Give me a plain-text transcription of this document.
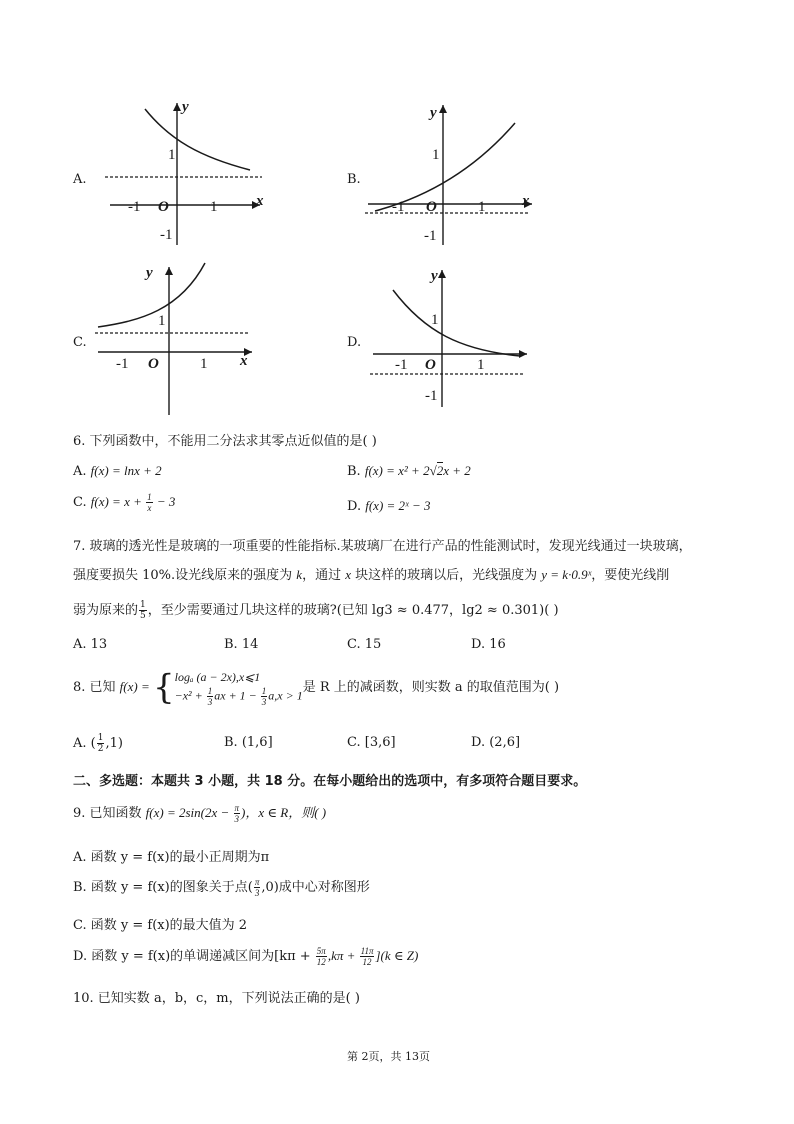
A.
y
x
O
-1	1
1
-1
B.
y
x
O
-1	1
1
-1
C.
y
x
O
-1	1
1
D.
y
O
-1	1
1
-1
6. 下列函数中，不能用二分法求其零点近似值的是( )
A. f(x) = lnx + 2	B. f(x) = x² + 2√2x + 2
C. $f(x) = x + \frac{1}{x} - 3$	D. f(x) = 2ˣ − 3
7. 玻璃的透光性是玻璃的一项重要的性能指标.某玻璃厂在进行产品的性能测试时，发现光线通过一块玻璃，
强度要损失 10%.设光线原来的强度为 k，通过 x 块这样的玻璃以后，光线强度为 y = k·0.9ˣ，要使光线削
弱为原来的 $\frac{1}{5}$ ，至少需要通过几块这样的玻璃?(已知 lg3 ≈ 0.477，lg2 ≈ 0.301)( )
A. 13	B. 14	C. 15	D. 16
8. 已知 f(x) = { logₐ (a − 2x),x⩽1
$-x^2 + \frac{1}{3}$ ax + $1 - \frac{1}{3} a,x > 1$
是 R 上的减函数，则实数 a 的取值范围为( )
A. ( $\frac{1}{2} ,1$)	B. (1,6]	C. [3,6]	D. (2,6]
二、多选题：本题共 3 小题，共 18 分。在每小题给出的选项中，有多项符合题目要求。
9. 已知函数 $f(x) = 2\sin(2x - \frac{\pi}{3}$ )，x ∈ R，则( )
A. 函数 y = f(x)的最小正周期为π
B. 函数 y = f(x)的图象关于点( $\frac{\pi}{3} ,0$)成中心对称图形
C. 函数 y = f(x)的最大值为 2
D. 函数 y = f(x)的单调递减区间为$[k\pi + \frac{5\pi}{12} ,k\pi + \frac{11\pi}{12} ](k$ ∈ Z)
10. 已知实数 a，b，c，m，下列说法正确的是( )
第 2页，共 13页
